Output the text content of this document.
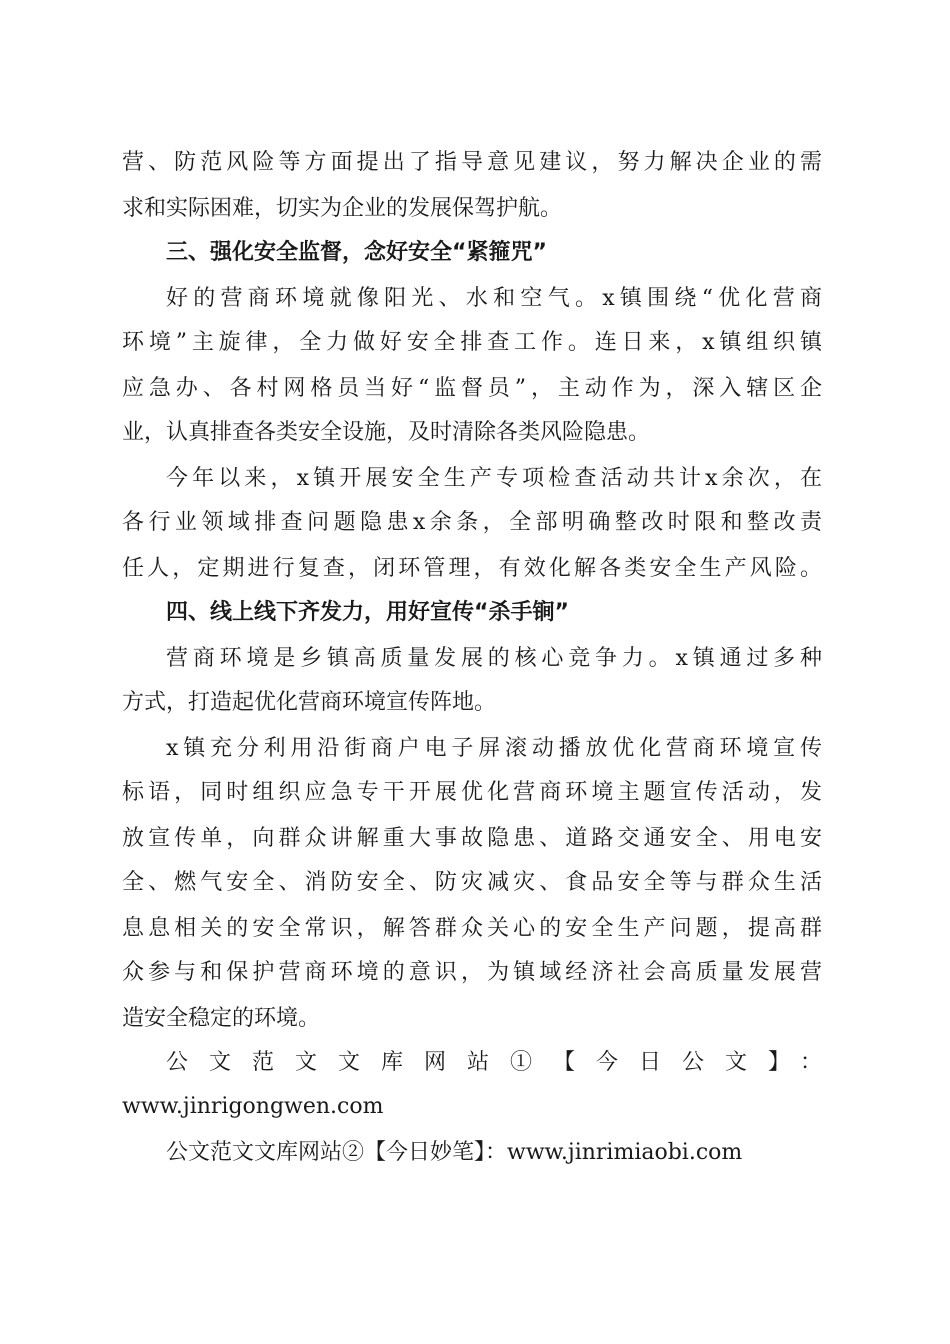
营、防范风险等方面提出了指导意见建议，努力解决企业的需
求和实际困难，切实为企业的发展保驾护航。
三、强化安全监督，念好安全“紧箍咒”
好的营商环境就像阳光、水和空气。x镇围绕“优化营商
环境”主旋律，全力做好安全排查工作。连日来，x镇组织镇
应急办、各村网格员当好“监督员”，主动作为，深入辖区企
业，认真排查各类安全设施，及时清除各类风险隐患。
今年以来，x镇开展安全生产专项检查活动共计x余次，在
各行业领域排查问题隐患x余条，全部明确整改时限和整改责
任人，定期进行复查，闭环管理，有效化解各类安全生产风险。
四、线上线下齐发力，用好宣传“杀手锏”
营商环境是乡镇高质量发展的核心竞争力。x镇通过多种
方式，打造起优化营商环境宣传阵地。
x镇充分利用沿街商户电子屏滚动播放优化营商环境宣传
标语，同时组织应急专干开展优化营商环境主题宣传活动，发
放宣传单，向群众讲解重大事故隐患、道路交通安全、用电安
全、燃气安全、消防安全、防灾减灾、食品安全等与群众生活
息息相关的安全常识，解答群众关心的安全生产问题，提高群
众参与和保护营商环境的意识，为镇域经济社会高质量发展营
造安全稳定的环境。
公文范文文库网站①【今日公文】：
www.jinrigongwen.com
公文范文文库网站②【今日妙笔】：www.jinrimiaobi.com
